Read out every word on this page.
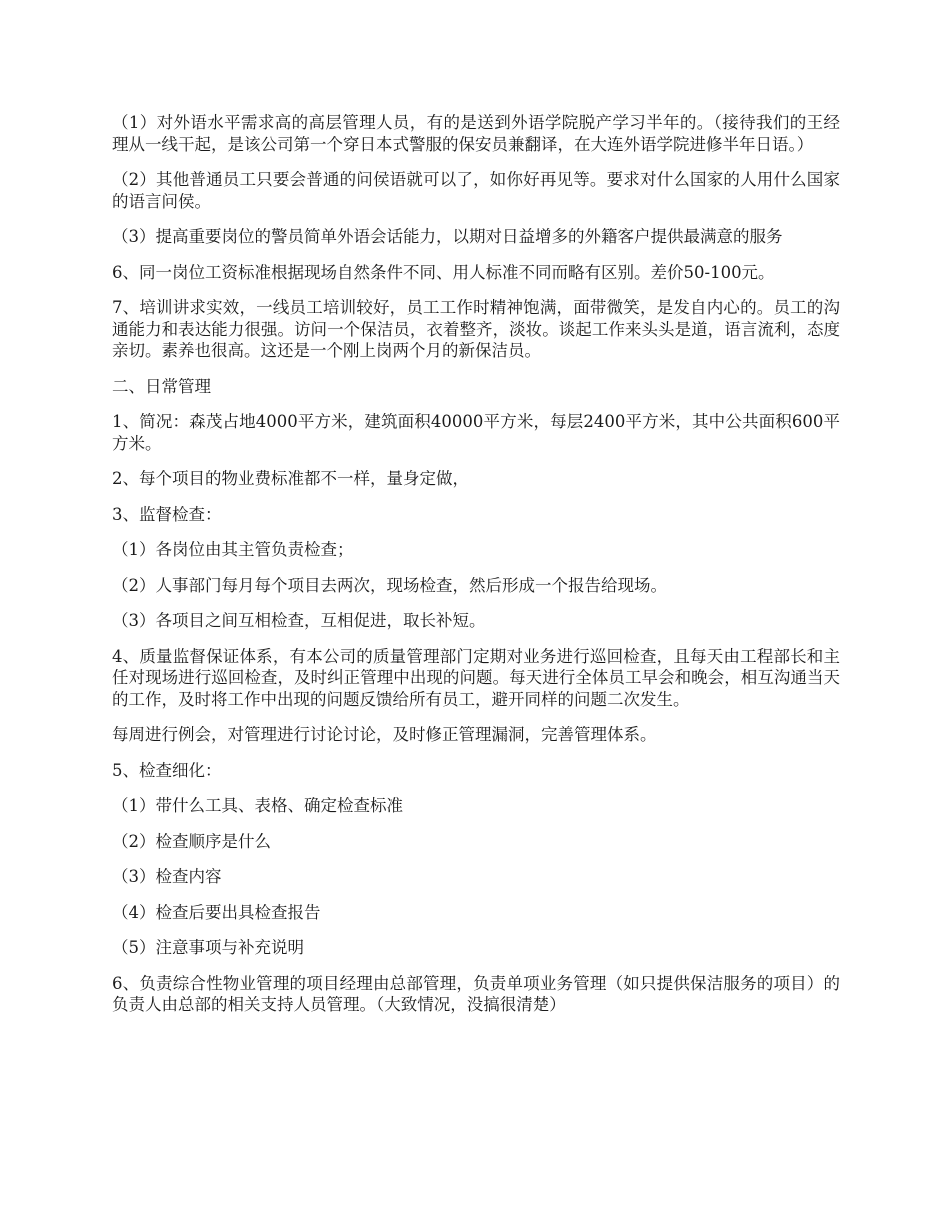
（1）对外语水平需求高的高层管理人员，有的是送到外语学院脱产学习半年的。（接待我们的王经理从一线干起，是该公司第一个穿日本式警服的保安员兼翻译，在大连外语学院进修半年日语。）

（2）其他普通员工只要会普通的问侯语就可以了，如你好再见等。要求对什么国家的人用什么国家的语言问侯。

（3）提高重要岗位的警员简单外语会话能力，以期对日益增多的外籍客户提供最满意的服务

6、同一岗位工资标准根据现场自然条件不同、用人标准不同而略有区别。差价50-100元。

7、培训讲求实效，一线员工培训较好，员工工作时精神饱满，面带微笑，是发自内心的。员工的沟通能力和表达能力很强。访问一个保洁员，衣着整齐，淡妆。谈起工作来头头是道，语言流利，态度亲切。素养也很高。这还是一个刚上岗两个月的新保洁员。

二、日常管理

1、简况：森茂占地4000平方米，建筑面积40000平方米，每层2400平方米，其中公共面积600平方米。

2、每个项目的物业费标准都不一样，量身定做，

3、监督检查：

（1）各岗位由其主管负责检查；

（2）人事部门每月每个项目去两次，现场检查，然后形成一个报告给现场。

（3）各项目之间互相检查，互相促进，取长补短。

4、质量监督保证体系，有本公司的质量管理部门定期对业务进行巡回检查，且每天由工程部长和主任对现场进行巡回检查，及时纠正管理中出现的问题。每天进行全体员工早会和晚会，相互沟通当天的工作，及时将工作中出现的问题反馈给所有员工，避开同样的问题二次发生。

每周进行例会，对管理进行讨论讨论，及时修正管理漏洞，完善管理体系。

5、检查细化：

（1）带什么工具、表格、确定检查标准

（2）检查顺序是什么

（3）检查内容

（4）检查后要出具检查报告

（5）注意事项与补充说明

6、负责综合性物业管理的项目经理由总部管理，负责单项业务管理（如只提供保洁服务的项目）的负责人由总部的相关支持人员管理。（大致情况，没搞很清楚）
